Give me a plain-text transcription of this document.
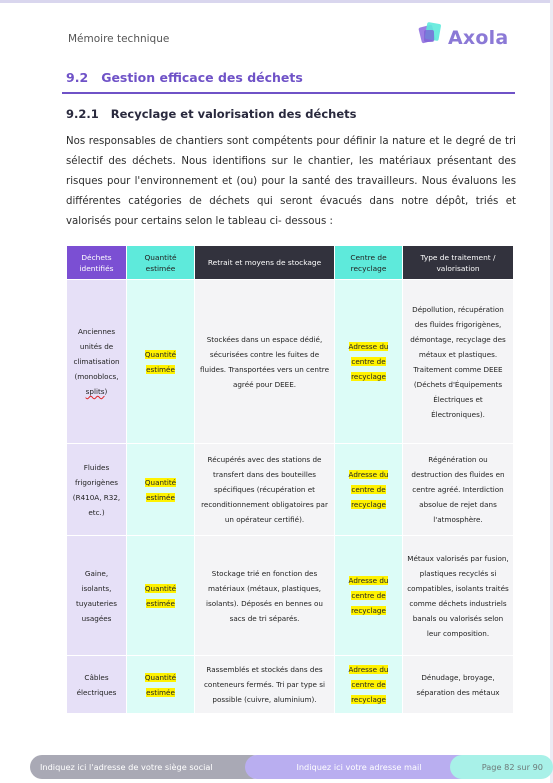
Mémoire technique	Axola
9.2   Gestion efficace des déchets
9.2.1   Recyclage et valorisation des déchets
Nos responsables de chantiers sont compétents pour définir la nature et le degré de tri sélectif des déchets. Nous identifions sur le chantier, les matériaux présentant des risques pour l'environnement et (ou) pour la santé des travailleurs. Nous évaluons les différentes catégories de déchets qui seront évacués dans notre dépôt, triés et valorisés pour certains selon le tableau ci- dessous :
Déchets identifiés	Quantité estimée	Retrait et moyens de stockage	Centre de recyclage	Type de traitement / valorisation
Anciennes unités de climatisation (monoblocs, splits)	Quantité estimée	Stockées dans un espace dédié, sécurisées contre les fuites de fluides. Transportées vers un centre agréé pour DEEE.	Adresse du centre de recyclage	Dépollution, récupération des fluides frigorigènes, démontage, recyclage des métaux et plastiques. Traitement comme DEEE (Déchets d'Équipements Électriques et Électroniques).
Fluides frigorigènes (R410A, R32, etc.)	Quantité estimée	Récupérés avec des stations de transfert dans des bouteilles spécifiques (récupération et reconditionnement obligatoires par un opérateur certifié).	Adresse du centre de recyclage	Régénération ou destruction des fluides en centre agréé. Interdiction absolue de rejet dans l'atmosphère.
Gaine, isolants, tuyauteries usagées	Quantité estimée	Stockage trié en fonction des matériaux (métaux, plastiques, isolants). Déposés en bennes ou sacs de tri séparés.	Adresse du centre de recyclage	Métaux valorisés par fusion, plastiques recyclés si compatibles, isolants traités comme déchets industriels banals ou valorisés selon leur composition.
Câbles électriques	Quantité estimée	Rassemblés et stockés dans des conteneurs fermés. Tri par type si possible (cuivre, aluminium).	Adresse du centre de recyclage	Dénudage, broyage, séparation des métaux
Indiquez ici l'adresse de votre siège social	Indiquez ici votre adresse mail	Page 82 sur 90
